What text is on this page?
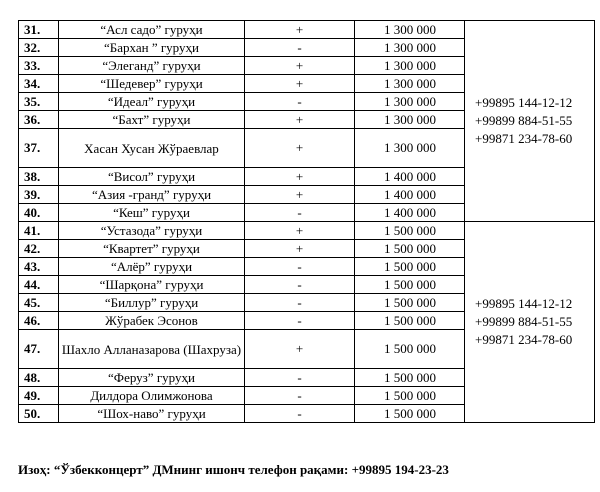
31.	“Асл садо” гуруҳи	+	1 300 000	+99895 144-12-12
+99899 884-51-55
+99871 234-78-60

32.	“Бархан ” гуруҳи	-	1 300 000	
33.	“Элеганд” гуруҳи	+	1 300 000	
34.	“Шедевер” гуруҳи	+	1 300 000	
35.	“Идеал” гуруҳи	-	1 300 000	
36.	“Бахт” гуруҳи	+	1 300 000	
37.	Хасан Хусан Жўраевлар	+	1 300 000	
38.	“Висол” гуруҳи	+	1 400 000	
39.	“Азия -гранд” гуруҳи	+	1 400 000	
40.	“Кеш” гуруҳи	-	1 400 000	
41.	“Устазода” гуруҳи	+	1 500 000	+99895 144-12-12
+99899 884-51-55
+99871 234-78-60

42.	“Квартет” гуруҳи	+	1 500 000	
43.	“Алёр” гуруҳи	-	1 500 000	
44.	“Шарқона” гуруҳи	-	1 500 000	
45.	“Биллур” гуруҳи	-	1 500 000	
46.	Жўрабек Эсонов	-	1 500 000	
47.	Шахло Алланазарова (Шахруза)	+	1 500 000	
48.	“Феруз” гуруҳи	-	1 500 000	
49.	Дилдора Олимжонова	-	1 500 000	
50.	“Шох-наво” гуруҳи	-	1 500 000	
Изоҳ: “Ўзбекконцерт” ДМнинг ишонч телефон рақами: +99895 194-23-23
